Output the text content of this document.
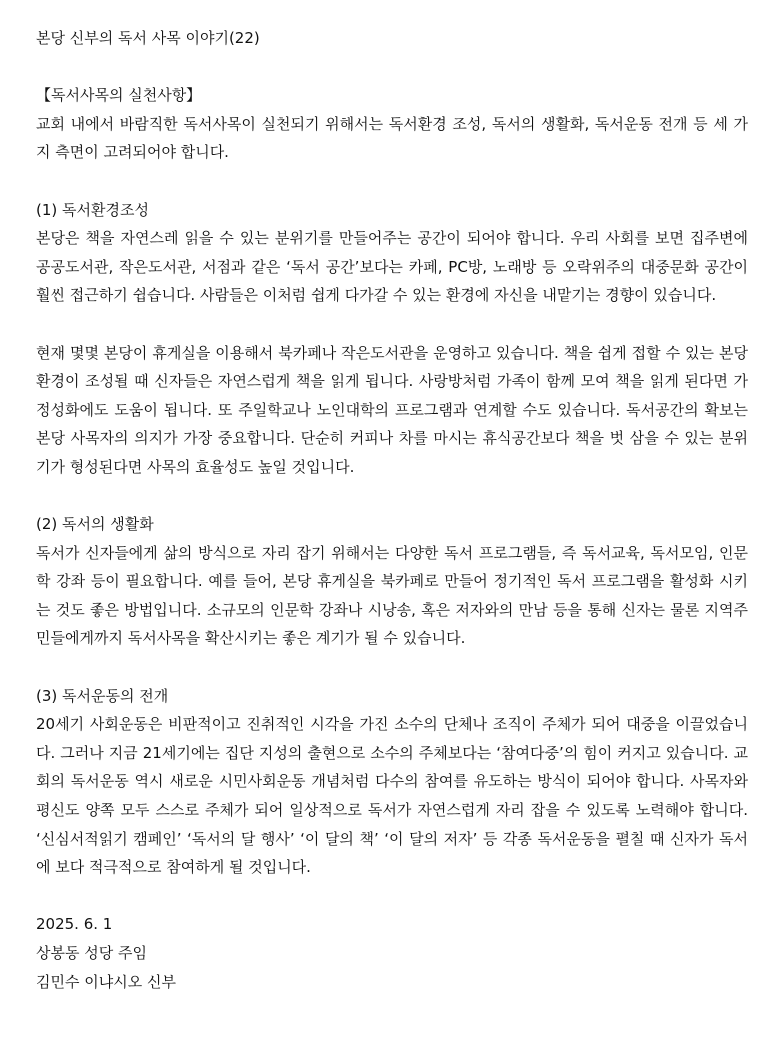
본당 신부의 독서 사목 이야기(22)

【독서사목의 실천사항】

교회 내에서 바람직한 독서사목이 실천되기 위해서는 독서환경 조성, 독서의 생활화, 독서운동 전개 등 세 가지 측면이 고려되어야 합니다.

(1) 독서환경조성

본당은 책을 자연스레 읽을 수 있는 분위기를 만들어주는 공간이 되어야 합니다. 우리 사회를 보면 집주변에 공공도서관, 작은도서관, 서점과 같은 ‘독서 공간’보다는 카페, PC방, 노래방 등 오락위주의 대중문화 공간이 훨씬 접근하기 쉽습니다. 사람들은 이처럼 쉽게 다가갈 수 있는 환경에 자신을 내맡기는 경향이 있습니다.

현재 몇몇 본당이 휴게실을 이용해서 북카페나 작은도서관을 운영하고 있습니다. 책을 쉽게 접할 수 있는 본당 환경이 조성될 때 신자들은 자연스럽게 책을 읽게 됩니다. 사랑방처럼 가족이 함께 모여 책을 읽게 된다면 가정성화에도 도움이 됩니다. 또 주일학교나 노인대학의 프로그램과 연계할 수도 있습니다. 독서공간의 확보는 본당 사목자의 의지가 가장 중요합니다. 단순히 커피나 차를 마시는 휴식공간보다 책을 벗 삼을 수 있는 분위기가 형성된다면 사목의 효율성도 높일 것입니다.

(2) 독서의 생활화

독서가 신자들에게 삶의 방식으로 자리 잡기 위해서는 다양한 독서 프로그램들, 즉 독서교육, 독서모임, 인문학 강좌 등이 필요합니다. 예를 들어, 본당 휴게실을 북카페로 만들어 정기적인 독서 프로그램을 활성화 시키는 것도 좋은 방법입니다. 소규모의 인문학 강좌나 시낭송, 혹은 저자와의 만남 등을 통해 신자는 물론 지역주민들에게까지 독서사목을 확산시키는 좋은 계기가 될 수 있습니다.

(3) 독서운동의 전개

20세기 사회운동은 비판적이고 진취적인 시각을 가진 소수의 단체나 조직이 주체가 되어 대중을 이끌었습니다. 그러나 지금 21세기에는 집단 지성의 출현으로 소수의 주체보다는 ‘참여다중’의 힘이 커지고 있습니다. 교회의 독서운동 역시 새로운 시민사회운동 개념처럼 다수의 참여를 유도하는 방식이 되어야 합니다. 사목자와 평신도 양쪽 모두 스스로 주체가 되어 일상적으로 독서가 자연스럽게 자리 잡을 수 있도록 노력해야 합니다. ‘신심서적읽기 캠페인’ ‘독서의 달 행사’ ‘이 달의 책’ ‘이 달의 저자’ 등 각종 독서운동을 펼칠 때 신자가 독서에 보다 적극적으로 참여하게 될 것입니다.

2025. 6. 1

상봉동 성당 주임

김민수 이냐시오 신부
